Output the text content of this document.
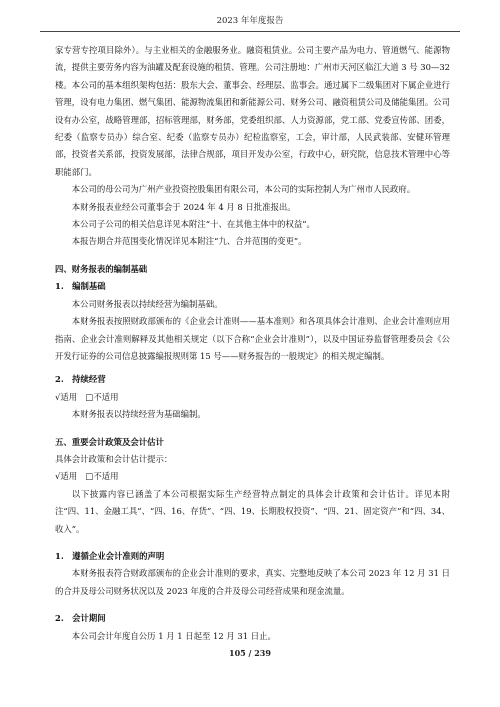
2023 年年度报告

家专营专控项目除外）。与主业相关的金融服务业。融资租赁业。公司主要产品为电力、管道燃气、能源物流，提供主要劳务内容为油罐及配套设施的租赁、管理。公司注册地：广州市天河区临江大道 3 号 30—32 楼。本公司的基本组织架构包括：股东大会、董事会、经理层、监事会。通过属下二级集团对下属企业进行管理，设有电力集团、燃气集团、能源物流集团和新能源公司、财务公司、融资租赁公司及储能集团。公司设有办公室，战略管理部，招标管理部，财务部，党委组织部、人力资源部，党工部、党委宣传部、团委，纪委（监察专员办）综合室、纪委（监察专员办）纪检监察室，工会，审计部，人民武装部、安健环管理部，投资者关系部，投资发展部，法律合规部，项目开发办公室，行政中心，研究院，信息技术管理中心等职能部门。

本公司的母公司为广州产业投资控股集团有限公司，本公司的实际控制人为广州市人民政府。

本财务报表业经公司董事会于 2024 年 4 月 8 日批准报出。

本公司子公司的相关信息详见本附注“十、在其他主体中的权益”。

本报告期合并范围变化情况详见本附注“九、合并范围的变更”。

四、财务报表的编制基础

1.　编制基础

本公司财务报表以持续经营为编制基础。

本财务报表按照财政部颁布的《企业会计准则——基本准则》和各项具体会计准则、企业会计准则应用指南、企业会计准则解释及其他相关规定（以下合称“企业会计准则”），以及中国证券监督管理委员会《公开发行证券的公司信息披露编报规则第 15 号——财务报告的一般规定》的相关规定编制。

2.　持续经营

√适用　□不适用

本财务报表以持续经营为基础编制。

五、重要会计政策及会计估计

具体会计政策和会计估计提示：

√适用　□不适用

以下披露内容已涵盖了本公司根据实际生产经营特点制定的具体会计政策和会计估计。详见本附注“四、11、金融工具”、“四、16、存货”、“四、19、长期股权投资”、“四、21、固定资产”和“四、34、收入”。

1.　遵循企业会计准则的声明

本财务报表符合财政部颁布的企业会计准则的要求，真实、完整地反映了本公司 2023 年 12 月 31 日的合并及母公司财务状况以及 2023 年度的合并及母公司经营成果和现金流量。

2.　会计期间

本公司会计年度自公历 1 月 1 日起至 12 月 31 日止。

105 / 239
